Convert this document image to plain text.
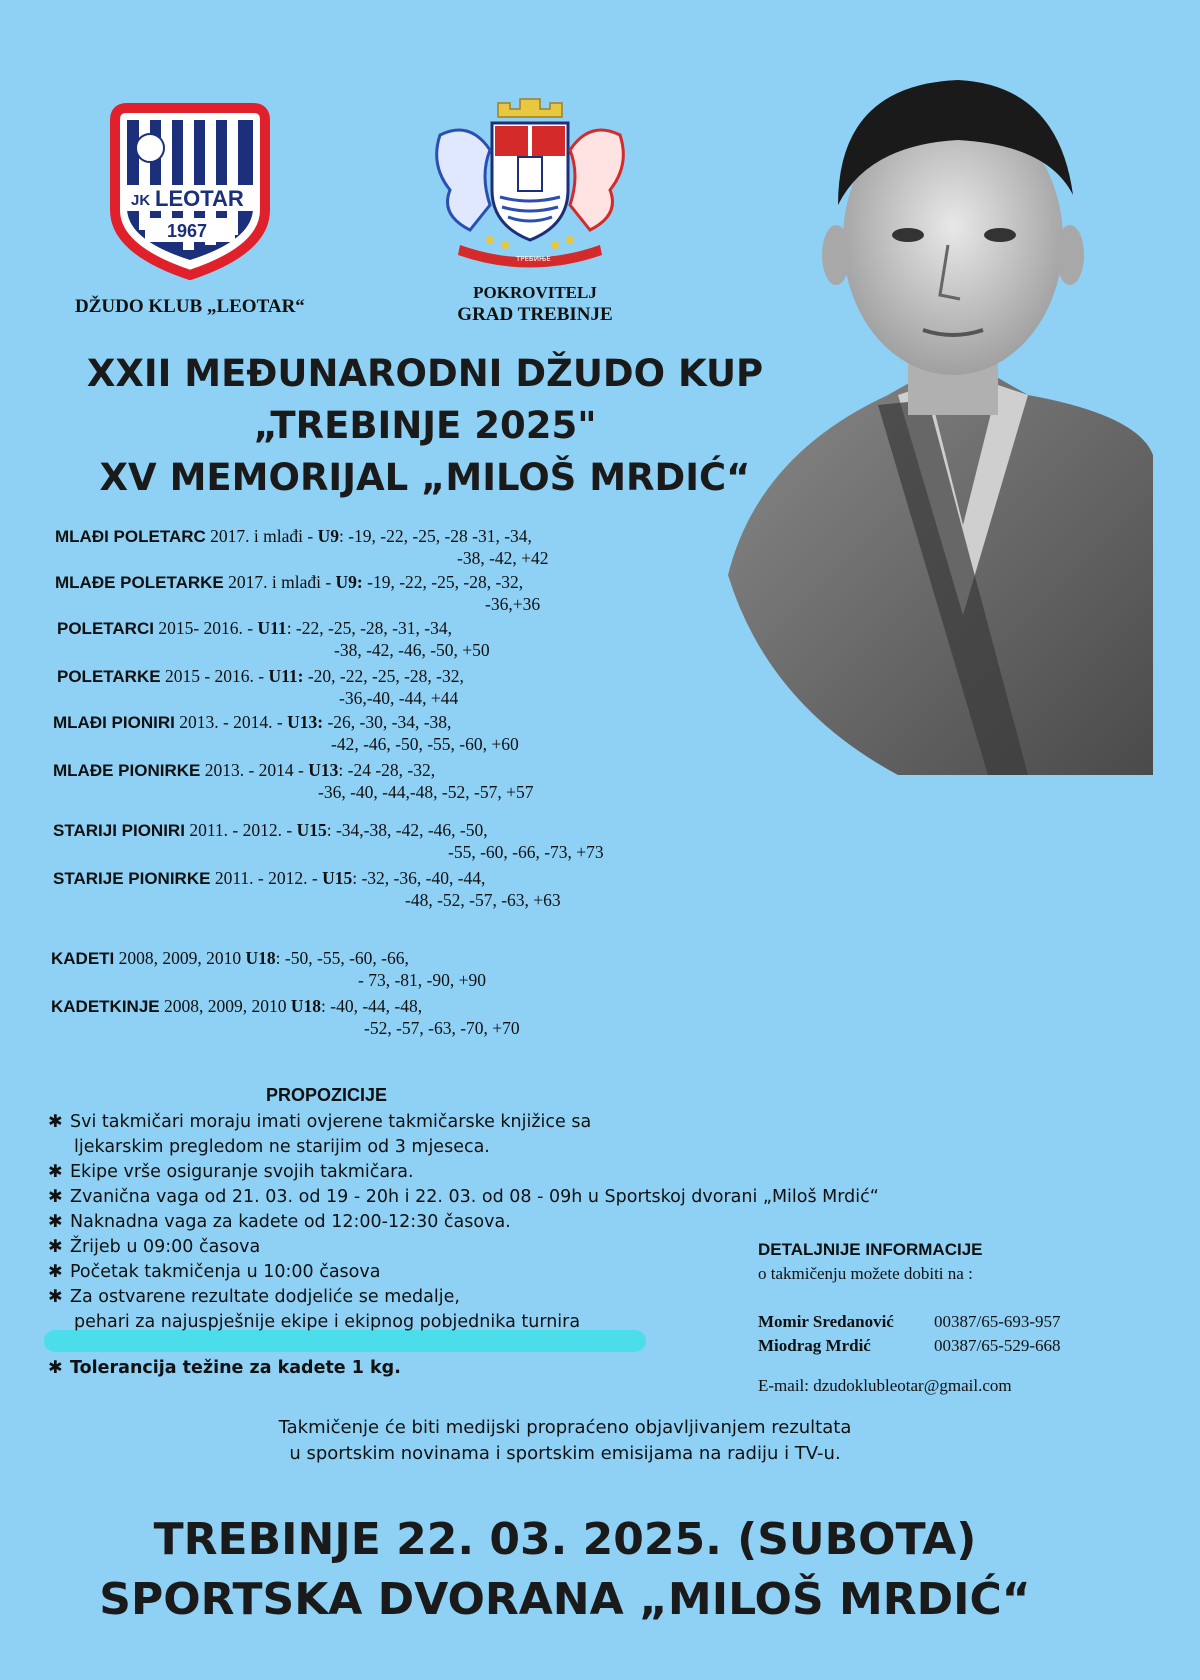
JK LEOTAR
1967
ТРЕБИЊЕ
DŽUDO KLUB „LEOTAR“
POKROVITELJ
GRAD TREBINJE
XXII MEĐUNARODNI DŽUDO KUP
„TREBINJE 2025"
XV MEMORIJAL „MILOŠ MRDIĆ“
MLAĐI POLETARC 2017. i mlađi - U9: -19, -22, -25, -28 -31, -34,
-38, -42, +42
MLAĐE POLETARKE 2017. i mlađi - U9: -19, -22, -25, -28, -32,
-36,+36
POLETARCI 2015- 2016. - U11: -22, -25, -28, -31, -34,
-38, -42, -46, -50, +50
POLETARKE 2015 - 2016. - U11: -20, -22, -25, -28, -32,
-36,-40, -44, +44
MLAĐI PIONIRI 2013. - 2014. - U13: -26, -30, -34, -38,
-42, -46, -50, -55, -60, +60
MLAĐE PIONIRKE 2013. - 2014 - U13: -24 -28, -32,
-36, -40, -44,-48, -52, -57, +57
STARIJI PIONIRI 2011. - 2012. - U15: -34,-38, -42, -46, -50,
-55, -60, -66, -73, +73
STARIJE PIONIRKE 2011. - 2012. - U15: -32, -36, -40, -44,
-48, -52, -57, -63, +63
KADETI 2008, 2009, 2010 U18: -50, -55, -60, -66,
- 73, -81, -90, +90
KADETKINJE 2008, 2009, 2010 U18: -40, -44, -48,
-52, -57, -63, -70, +70
PROPOZICIJE
✱ Svi takmičari moraju imati ovjerene takmičarske knjižice sa
ljekarskim pregledom ne starijim od 3 mjeseca.
✱ Ekipe vrše osiguranje svojih takmičara.
✱ Zvanična vaga od 21. 03. od 19 - 20h i 22. 03. od 08 - 09h u Sportskoj dvorani „Miloš Mrdić“
✱ Naknadna vaga za kadete od 12:00-12:30 časova.
✱ Žrijeb u 09:00 časova
✱ Početak takmičenja u 10:00 časova
✱ Za ostvarene rezultate dodjeliće se medalje,
pehari za najuspješnije ekipe i ekipnog pobjednika turnira
✱ Tolerancija težine za kadete 1 kg.
DETALJNIJE INFORMACIJE
o takmičenju možete dobiti na :
Momir Sredanović 00387/65-693-957
Miodrag Mrdić	00387/65-529-668
E-mail: dzudoklubleotar@gmail.com
Takmičenje će biti medijski propraćeno objavljivanjem rezultata
u sportskim novinama i sportskim emisijama na radiju i TV-u.
TREBINJE 22. 03. 2025. (SUBOTA)
SPORTSKA DVORANA „MILOŠ MRDIĆ“
